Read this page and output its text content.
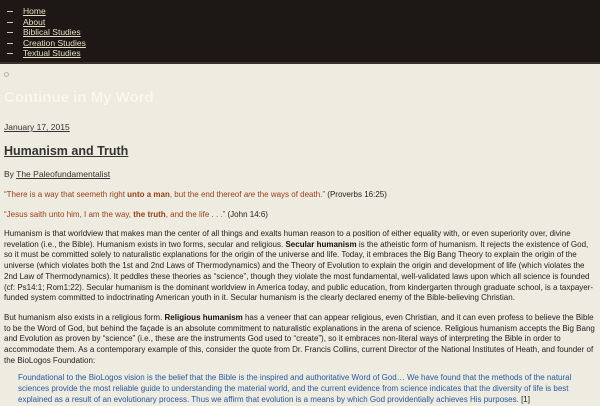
Home
About
Biblical Studies
Creation Studies
Textual Studies
Continue in My Word
January 17, 2015
Humanism and Truth

By The Paleofundamentalist

“There is a way that seemeth right unto a man, but the end thereof are the ways of death.” (Proverbs 16:25)

“Jesus saith unto him, I am the way, the truth, and the life . . .” (John 14:6)

Humanism is that worldview that makes man the center of all things and exalts human reason to a position of either equality with, or even superiority over, divine revelation (i.e., the Bible). Humanism exists in two forms, secular and religious. Secular humanism is the atheistic form of humanism. It rejects the existence of God, so it must be committed solely to naturalistic explanations for the origin of the universe and life. Today, it embraces the Big Bang Theory to explain the origin of the universe (which violates both the 1st and 2nd Laws of Thermodynamics) and the Theory of Evolution to explain the origin and development of life (which violates the 2nd Law of Thermodynamics). It peddles these theories as “science”, though they violate the most fundamental, well-validated laws upon which all science is founded (cf: Ps14:1; Rom1:22). Secular humanism is the dominant worldview in America today, and public education, from kindergarten through graduate school, is a taxpayer-funded system committed to indoctrinating American youth in it. Secular humanism is the clearly declared enemy of the Bible-believing Christian.

But humanism also exists in a religious form. Religious humanism has a veneer that can appear religious, even Christian, and it can even profess to believe the Bible to be the Word of God, but behind the façade is an absolute commitment to naturalistic explanations in the arena of science. Religious humanism accepts the Big Bang and Evolution as proven by “science” (i.e., these are the instruments God used to “create”), so it embraces non-literal ways of interpreting the Bible in order to accommodate them. As a contemporary example of this, consider the quote from Dr. Francis Collins, current Director of the National Institutes of Heath, and founder of the BioLogos Foundation:

Foundational to the BioLogos vision is the belief that the Bible is the inspired and authoritative Word of God… We have found that the methods of the natural sciences provide the most reliable guide to understanding the material world, and the current evidence from science indicates that the diversity of life is best explained as a result of an evolutionary process. Thus we affirm that evolution is a means by which God providentially achieves His purposes. [1]
